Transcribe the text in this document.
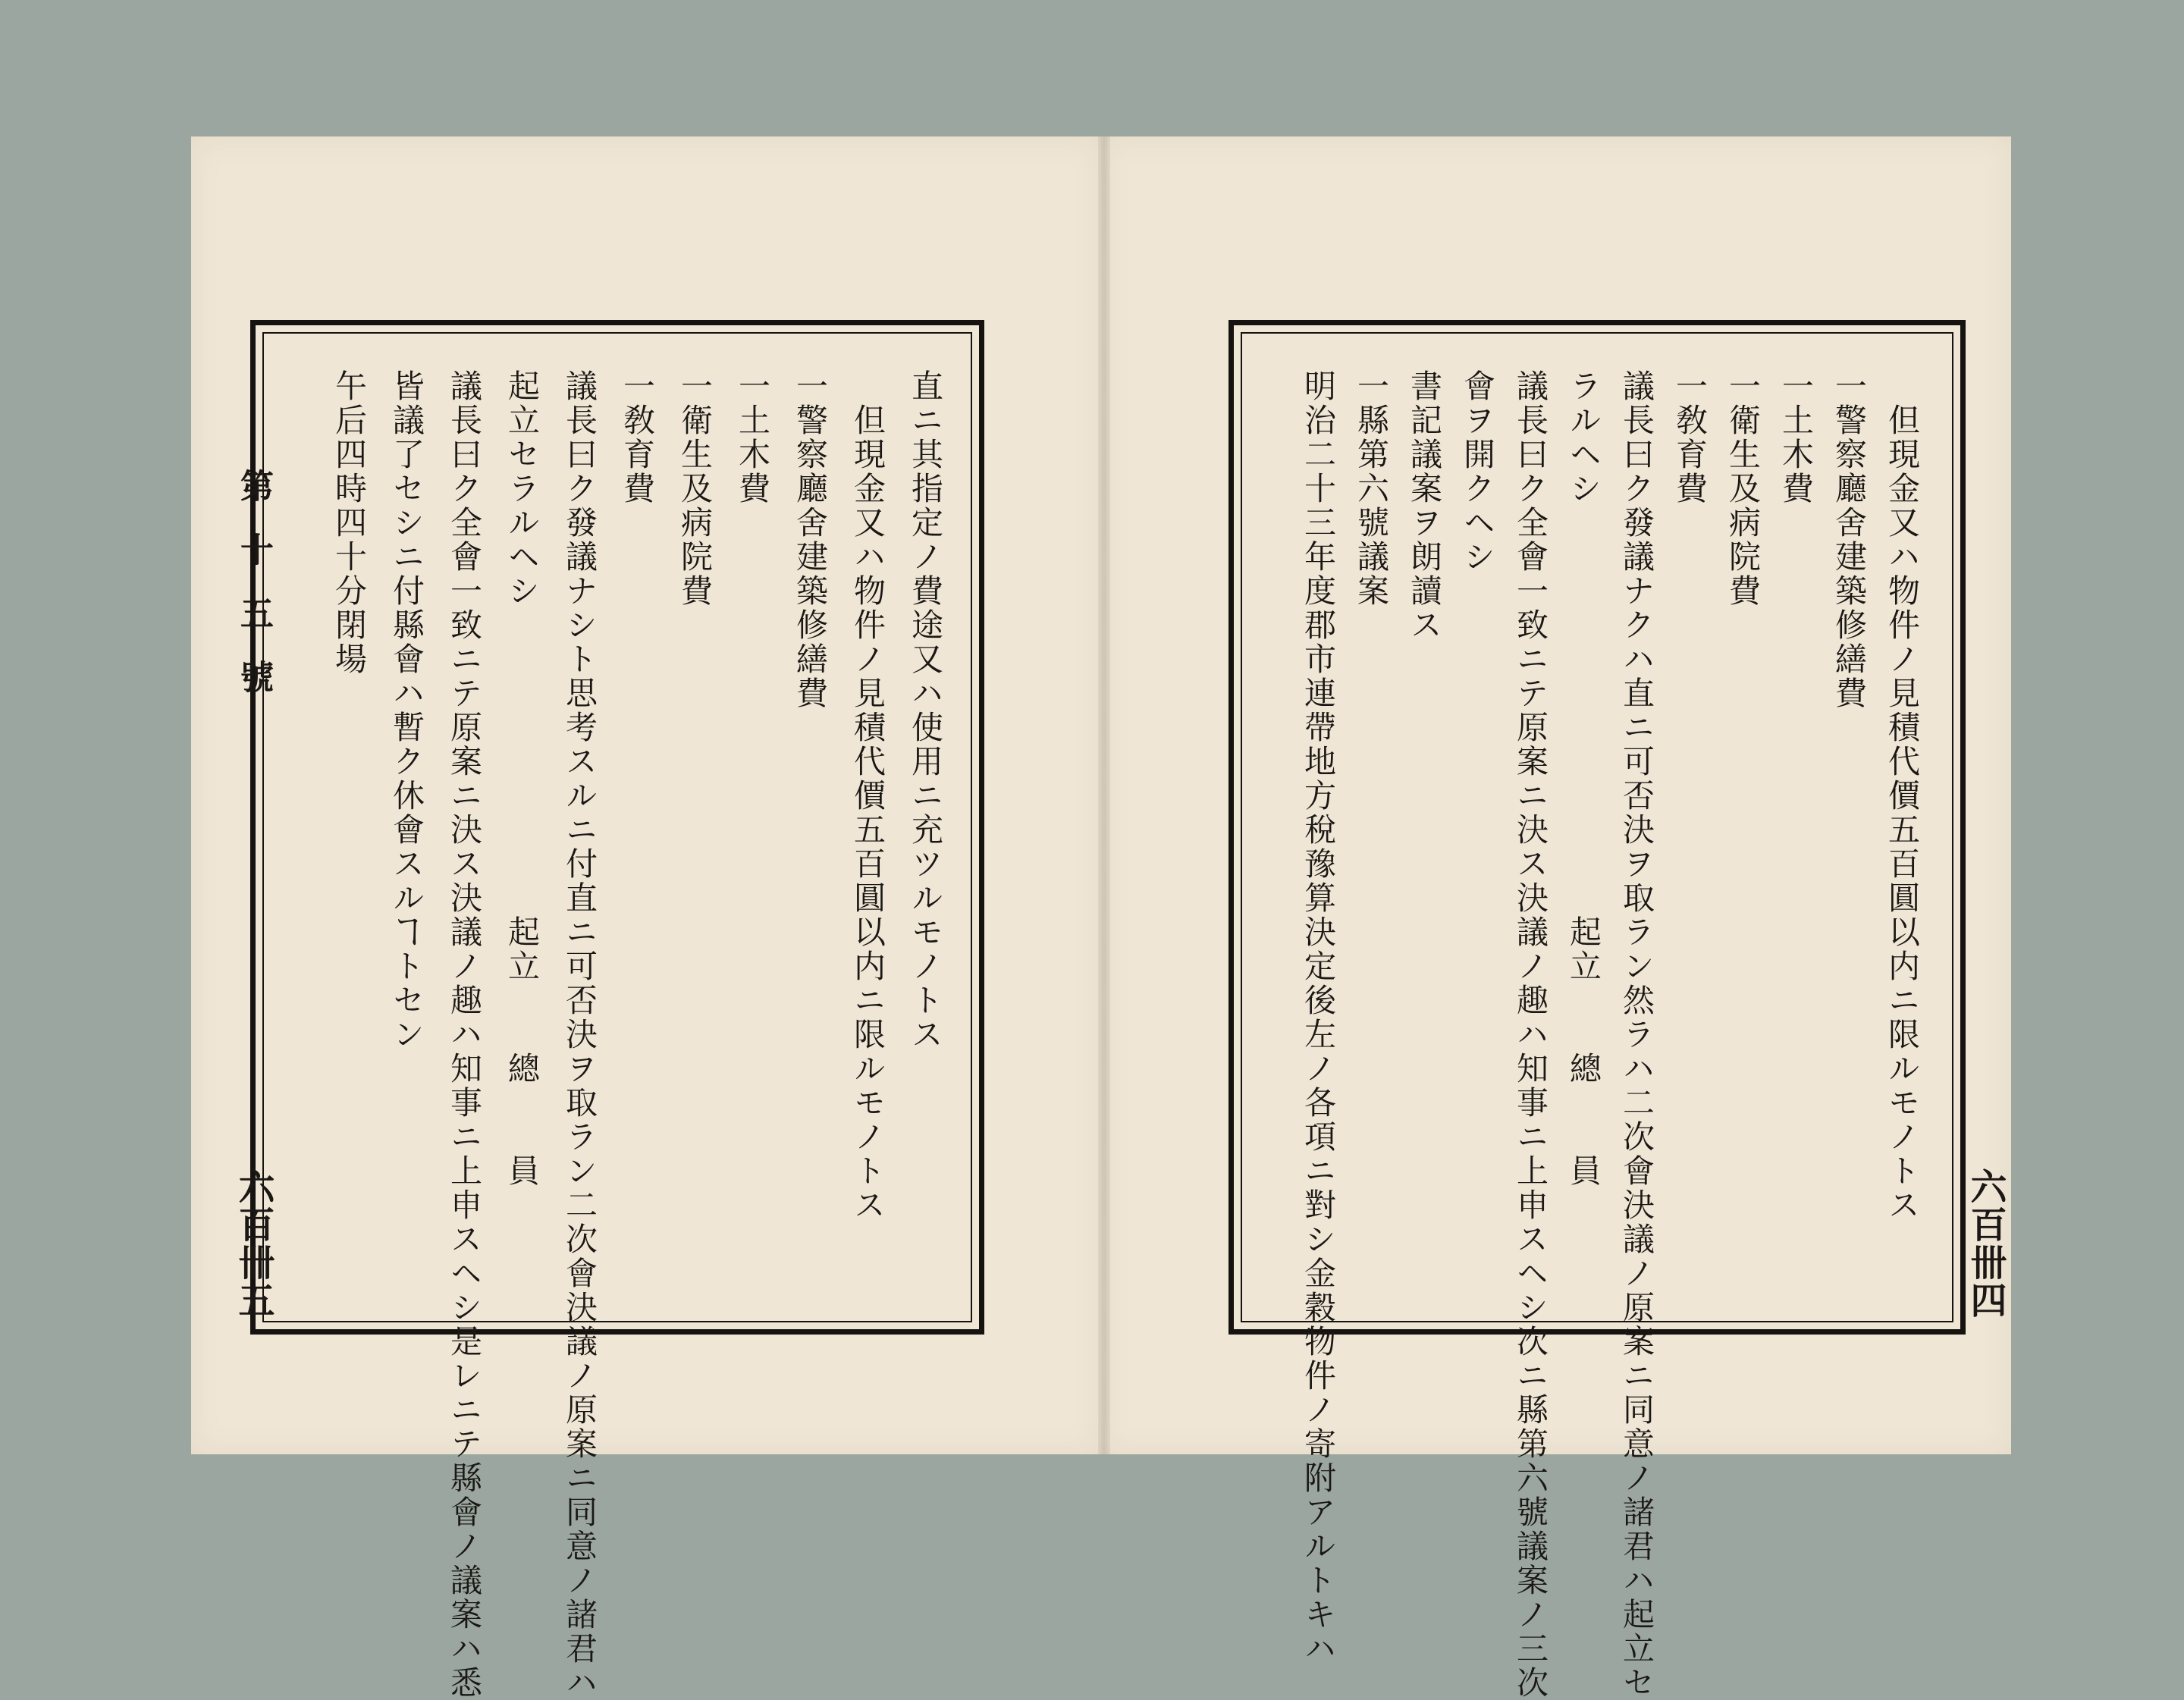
直ニ其指定ノ費途又ハ使用ニ充ツルモノトス
　但現金又ハ物件ノ見積代價五百圓以内ニ限ルモノトス
一警察廳舍建築修繕費
一土木費
一衛生及病院費
一敎育費
議長曰ク發議ナシト思考スルニ付直ニ可否決ヲ取ラン二次會決議ノ原案ニ同意ノ諸君ハ
起立セラルヘシ　　　　　　　　　起立　　總　　員
議長曰ク全會一致ニテ原案ニ決ス決議ノ趣ハ知事ニ上申スヘシ是レニテ縣會ノ議案ハ悉
皆議了セシニ付縣會ハ暫ク休會スルヿトセン
午后四時四十分閉場
第十五號
六百卌五
　但現金又ハ物件ノ見積代價五百圓以内ニ限ルモノトス
一警察廳舍建築修繕費
一土木費
一衛生及病院費
一敎育費
議長曰ク發議ナクハ直ニ可否決ヲ取ラン然ラハ二次會決議ノ原案ニ同意ノ諸君ハ起立セ
ラルヘシ　　　　　　　　　　　　起立　　總　　員
議長曰ク全會一致ニテ原案ニ決ス決議ノ趣ハ知事ニ上申スヘシ次ニ縣第六號議案ノ三次
會ヲ開クヘシ
書記議案ヲ朗讀ス
一縣第六號議案
明治二十三年度郡市連帶地方稅豫算決定後左ノ各項ニ對シ金穀物件ノ寄附アルトキハ	六百卌四
